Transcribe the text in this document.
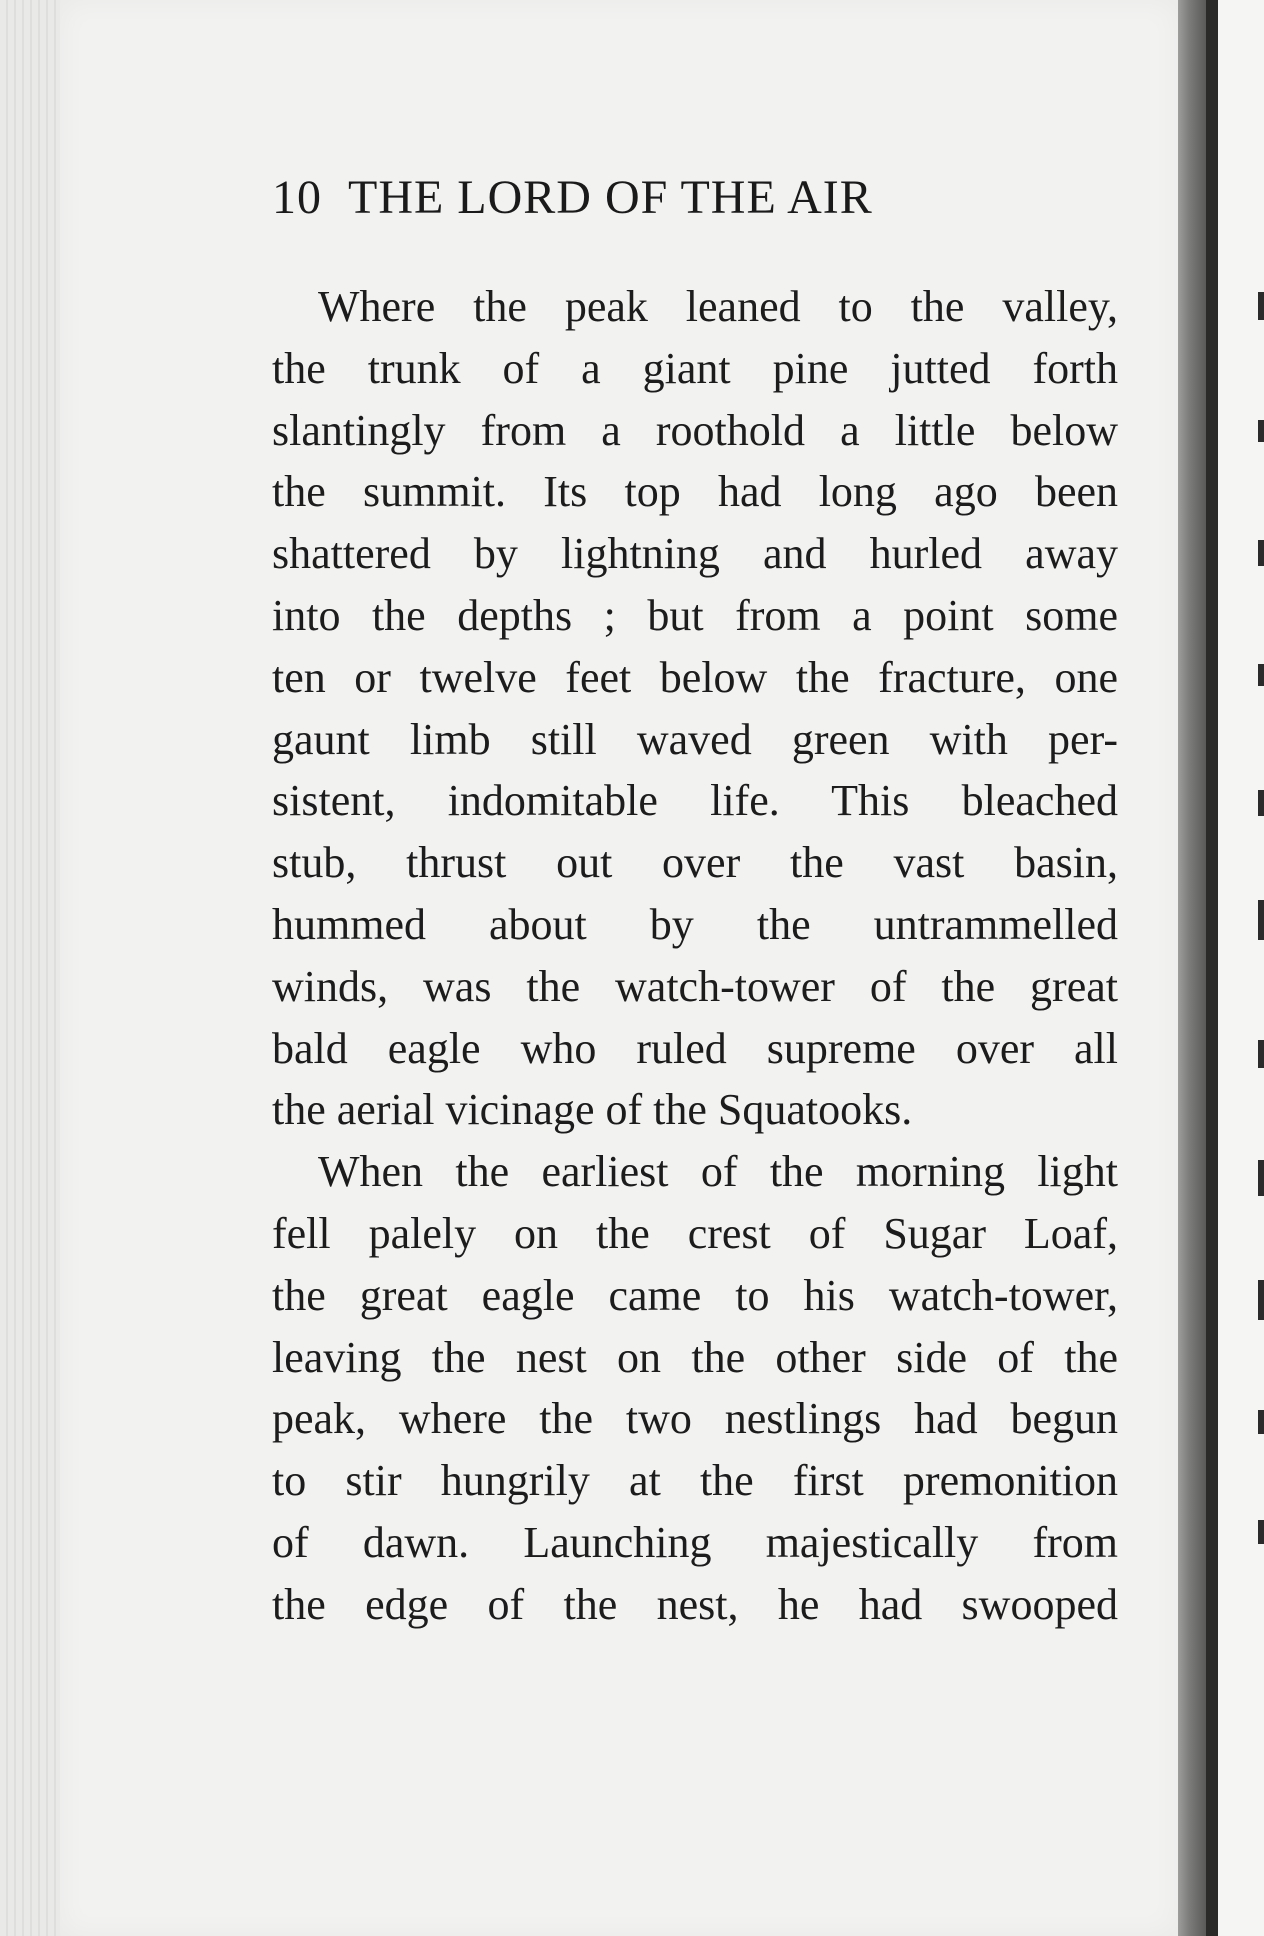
10 THE LORD OF THE AIR
Where the peak leaned to the valley,
the trunk of a giant pine jutted forth
slantingly from a roothold a little below
the summit. Its top had long ago been
shattered by lightning and hurled away
into the depths ; but from a point some
ten or twelve feet below the fracture, one
gaunt limb still waved green with per-
sistent, indomitable life. This bleached
stub, thrust out over the vast basin,
hummed about by the untrammelled
winds, was the watch-tower of the great
bald eagle who ruled supreme over all
the aerial vicinage of the Squatooks.
When the earliest of the morning light
fell palely on the crest of Sugar Loaf,
the great eagle came to his watch-tower,
leaving the nest on the other side of the
peak, where the two nestlings had begun
to stir hungrily at the first premonition
of dawn. Launching majestically from
the edge of the nest, he had swooped
